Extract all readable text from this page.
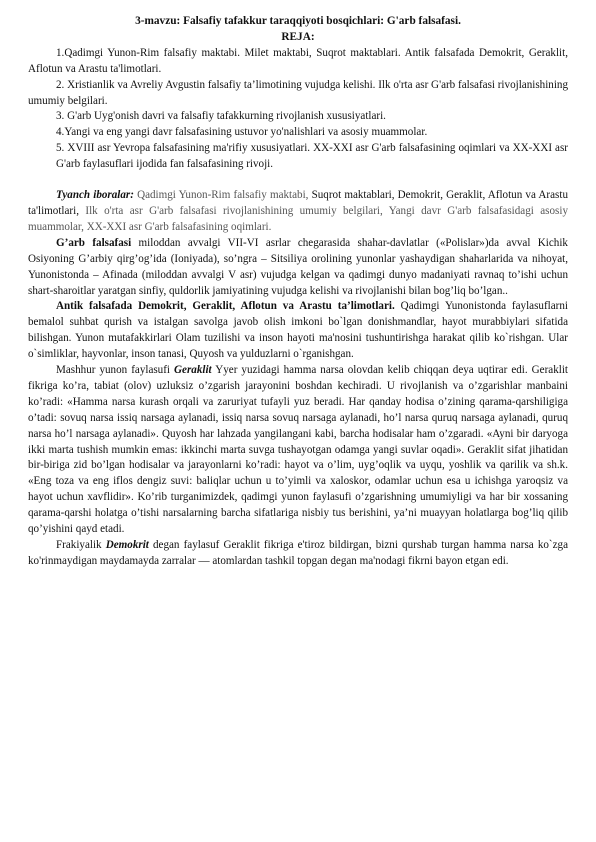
3-mavzu: Falsafiy tafakkur taraqqiyoti bosqichlari: G'arb falsafasi.

REJA:

1.Qadimgi Yunon-Rim falsafiy maktabi. Milet maktabi, Suqrot maktablari. Antik falsafada Demokrit, Geraklit, Aflotun va Arastu ta'limotlari.

2. Xristianlik va Avreliy Avgustin falsafiy ta’limotining vujudga kelishi. Ilk o'rta asr G'arb falsafasi rivojlanishining umumiy belgilari.

3. G'arb Uyg'onish davri va falsafiy tafakkurning rivojlanish xususiyatlari.

4.Yangi va eng yangi davr falsafasining ustuvor yo'nalishlari va asosiy muammolar.

5. XVIII asr Yevropa falsafasining ma'rifiy xususiyatlari. XX-XXI asr G'arb falsafasining oqimlari va XX-XXI asr G'arb faylasuflari ijodida fan falsafasining rivoji.

Tyanch iboralar: Qadimgi Yunon-Rim falsafiy maktabi, Suqrot maktablari, Demokrit, Geraklit, Aflotun va Arastu ta'limotlari, Ilk o'rta asr G'arb falsafasi rivojlanishining umumiy belgilari, Yangi davr G'arb falsafasidagi asosiy muammolar, XX-XXI asr G'arb falsafasining oqimlari.

G’arb falsafasi miloddan avvalgi VII-VI asrlar chegarasida shahar-davlatlar («Polislar»)da avval Kichik Osiyoning G’arbiy qirg’og’ida (Ioniyada), so’ngra – Sitsiliya orolining yunonlar yashaydigan shaharlarida va nihoyat, Yunonistonda – Afinada (miloddan avvalgi V asr) vujudga kelgan va qadimgi dunyo madaniyati ravnaq to’ishi uchun shart-sharoitlar yaratgan sinfiy, quldorlik jamiyatining vujudga kelishi va rivojlanishi bilan bog’liq bo’lgan..

Antik falsafada Demokrit, Geraklit, Aflotun va Arastu ta’limotlari. Qadimgi Yunonistonda faylasuflarni bemalol suhbat qurish va istalgan savolga javob olish imkoni bo`lgan donishmandlar, hayot murabbiylari sifatida bilishgan. Yunon mutafakkirlari Olam tuzilishi va inson hayoti ma'nosini tushuntirishga harakat qilib ko`rishgan. Ular o`simliklar, hayvonlar, inson tanasi, Quyosh va yulduzlarni o`rganishgan.

Mashhur yunon faylasufi Geraklit Yyer yuzidagi hamma narsa olovdan kelib chiqqan deya uqtirar edi. Geraklit fikriga ko’ra, tabiat (olov) uzluksiz o’zgarish jarayonini boshdan kechiradi. U rivojlanish va o’zgarishlar manbaini ko’radi: «Hamma narsa kurash orqali va zaruriyat tufayli yuz beradi. Har qanday hodisa o’zining qarama-qarshiligiga o’tadi: sovuq narsa issiq narsaga aylanadi, issiq narsa sovuq narsaga aylanadi, ho’l narsa quruq narsaga aylanadi, quruq narsa ho’l narsaga aylanadi». Quyosh har lahzada yangilangani kabi, barcha hodisalar ham o’zgaradi. «Ayni bir daryoga ikki marta tushish mumkin emas: ikkinchi marta suvga tushayotgan odamga yangi suvlar oqadi». Geraklit sifat jihatidan bir-biriga zid bo’lgan hodisalar va jarayonlarni ko’radi: hayot va o’lim, uyg’oqlik va uyqu, yoshlik va qarilik va sh.k. «Eng toza va eng iflos dengiz suvi: baliqlar uchun u to’yimli va xaloskor, odamlar uchun esa u ichishga yaroqsiz va hayot uchun xavflidir». Ko’rib turganimizdek, qadimgi yunon faylasufi o’zgarishning umumiyligi va har bir xossaning qarama-qarshi holatga o’tishi narsalarning barcha sifatlariga nisbiy tus berishini, ya’ni muayyan holatlarga bog’liq qilib qo’yishini qayd etadi.

Frakiyalik Demokrit degan faylasuf Geraklit fikriga e'tiroz bildirgan, bizni qurshab turgan hamma narsa ko`zga ko'rinmaydigan maydamayda zarralar — atomlardan tashkil topgan degan ma'nodagi fikrni bayon etgan edi.
